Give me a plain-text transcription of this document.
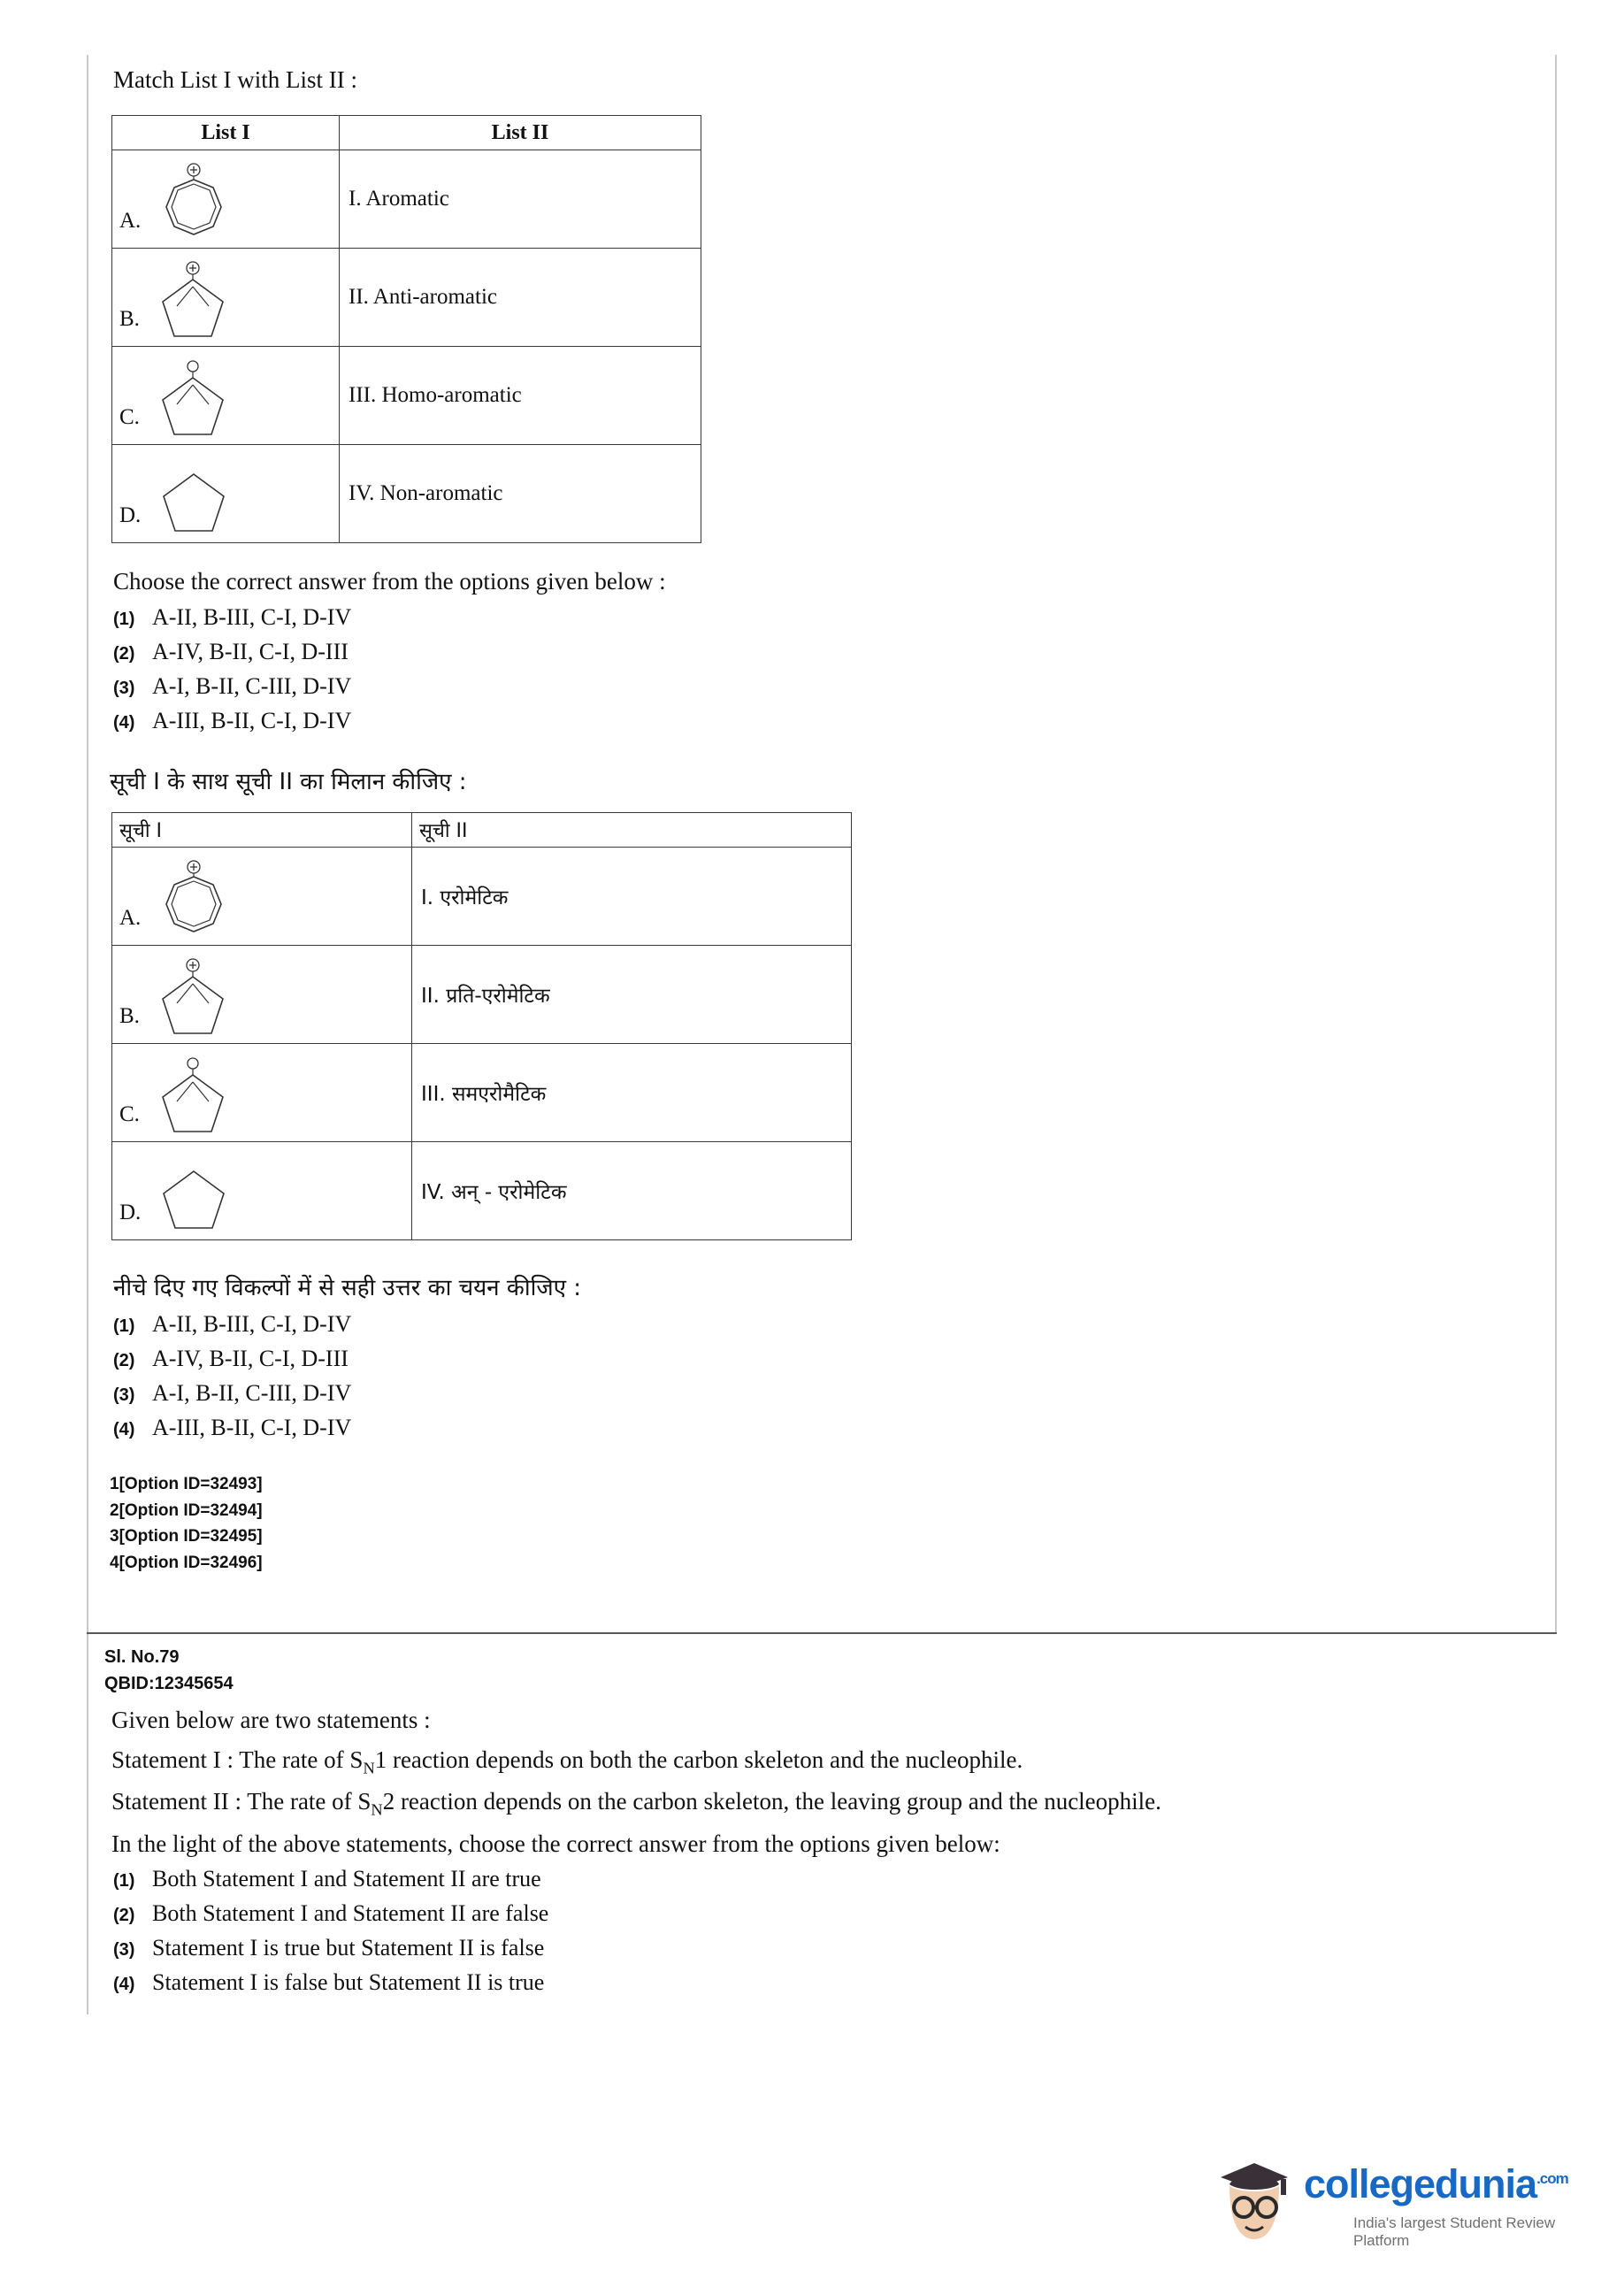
Match List I with List II :

List I	List II

A.	I. Aromatic

B.	II. Anti-aromatic

C.	III. Homo-aromatic

D.	IV. Non-aromatic

Choose the correct answer from the options given below :

(1) A-II, B-III, C-I, D-IV
(2) A-IV, B-II, C-I, D-III
(3) A-I, B-II, C-III, D-IV
(4) A-III, B-II, C-I, D-IV

सूची I के साथ सूची II का मिलान कीजिए :

सूची I	सूची II

A.	I. एरोमेटिक

B.	II. प्रति-एरोमेटिक

C.	III. समएरोमैटिक

D.	IV. अन् - एरोमेटिक

नीचे दिए गए विकल्पों में से सही उत्तर का चयन कीजिए :

(1) A-II, B-III, C-I, D-IV
(2) A-IV, B-II, C-I, D-III
(3) A-I, B-II, C-III, D-IV
(4) A-III, B-II, C-I, D-IV
1[Option ID=32493]
2[Option ID=32494]
3[Option ID=32495]
4[Option ID=32496]
Sl. No.79
QBID:12345654

Given below are two statements :

Statement I : The rate of $S_N1$ reaction depends on both the carbon skeleton and the nucleophile.

Statement II : The rate of $S_N2$ reaction depends on the carbon skeleton, the leaving group and the nucleophile.

In the light of the above statements, choose the correct answer from the options given below:

(1) Both Statement I and Statement II are true
(2) Both Statement I and Statement II are false
(3) Statement I is true but Statement II is false
(4) Statement I is false but Statement II is true
collegedunia$^{.com}$
India's largest Student Review Platform
